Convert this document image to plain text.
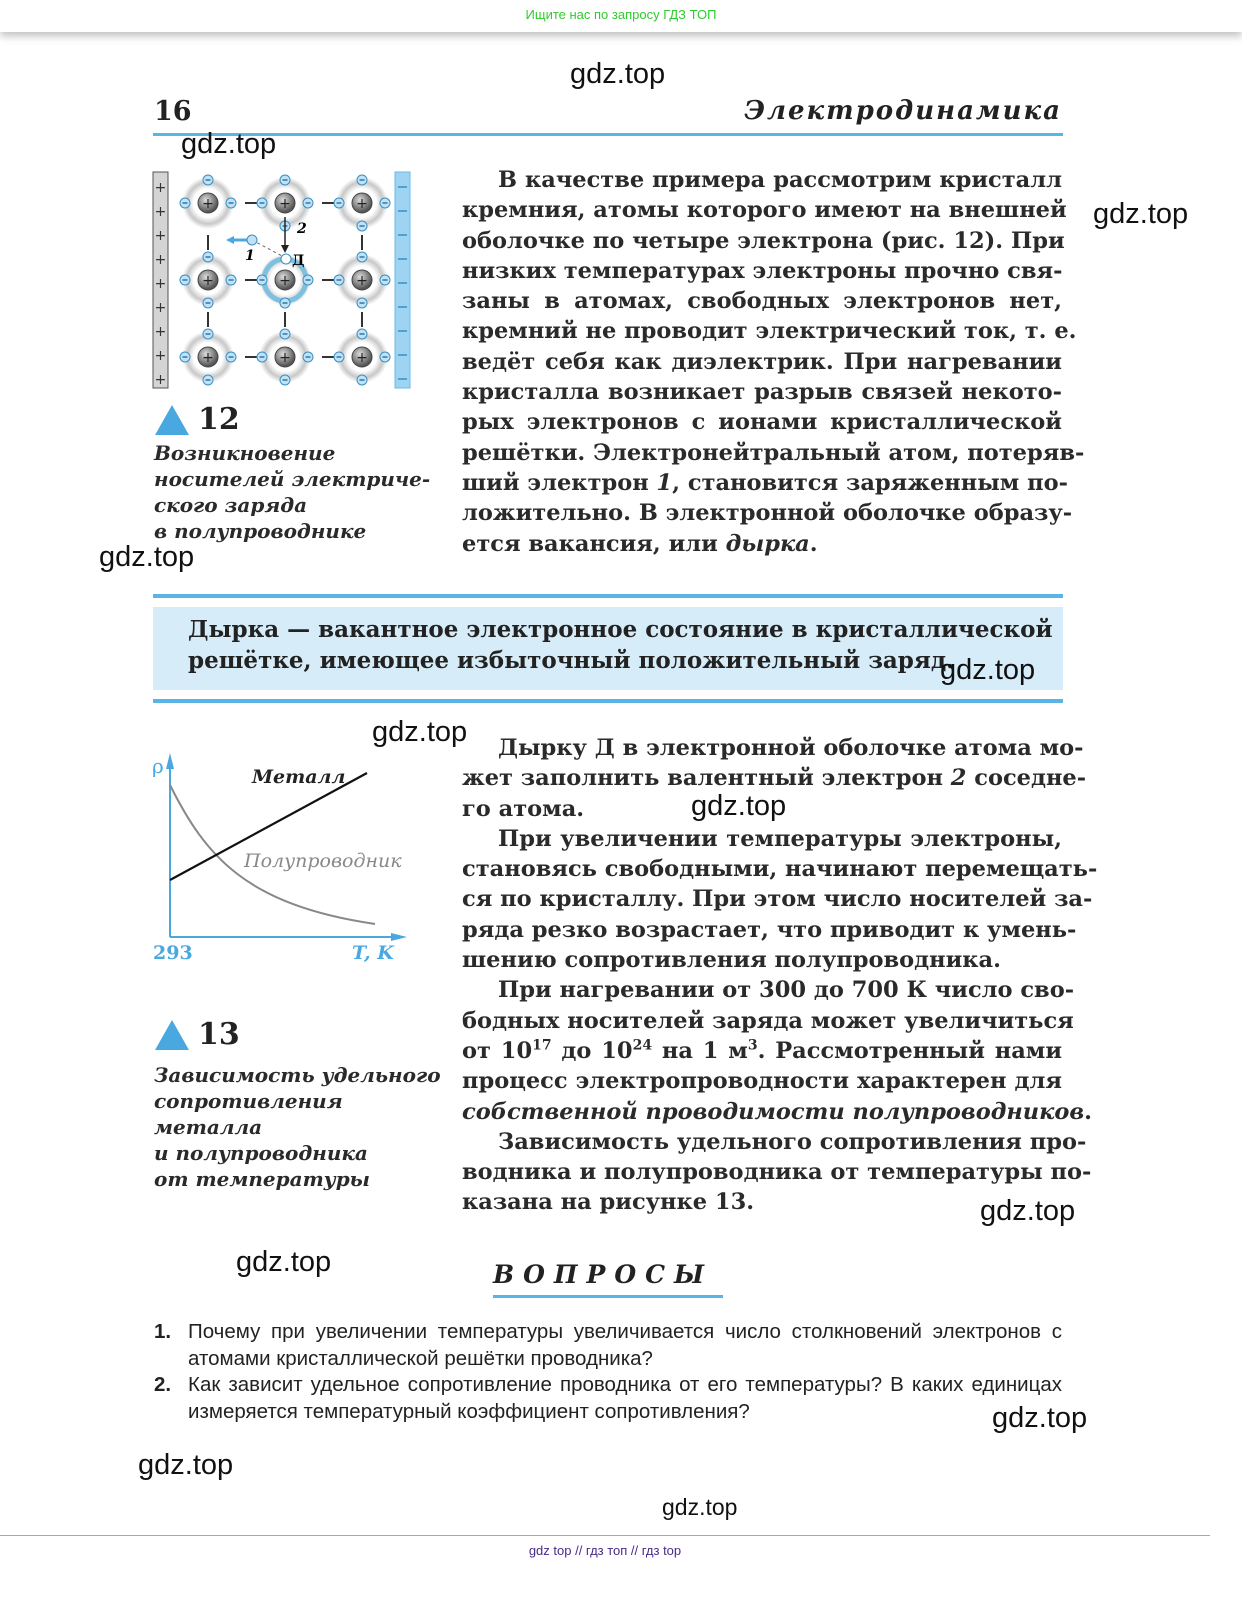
Ищите нас по запросу ГДЗ ТОП
gdz.top
gdz.top
gdz.top
gdz.top
gdz.top
gdz.top
gdz.top
gdz.top
gdz.top
gdz.top
gdz.top
gdz.top
16	Электродинамика
+
+
+
+
+
+
+
+
+
2
1	Д
+
+
+
+
+
+
+
+
+
12
Возникновение
носителей электриче-
ского заряда
в полупроводнике
В качестве примера рассмотрим кристалл
кремния, атомы которого имеют на внешней
оболочке по четыре электрона (рис. 12). При
низких температурах электроны прочно свя-
заны в атомах, свободных электронов нет,
кремний не проводит электрический ток, т. е.
ведёт себя как диэлектрик. При нагревании
кристалла возникает разрыв связей некото-
рых электронов с ионами кристаллической
решётки. Электронейтральный атом, потеряв-
ший электрон 1, становится заряженным по-
ложительно. В электронной оболочке образу-
ется вакансия, или дырка.
Дырка — вакантное электронное состояние в кристаллической
решётке, имеющее избыточный положительный заряд.
ρ
293	T, K
Металл
Полупроводник
13
Зависимость удельного
сопротивления
металла
и полупроводника
от температуры
Дырку Д в электронной оболочке атома мо-
жет заполнить валентный электрон 2 соседне-
го атома.
При увеличении температуры электроны,
становясь свободными, начинают перемещать-
ся по кристаллу. При этом число носителей за-
ряда резко возрастает, что приводит к умень-
шению сопротивления полупроводника.
При нагревании от 300 до 700 К число сво-
бодных носителей заряда может увеличиться
от $10^{17}$ до $10^{24}$ на 1 $м^3$. Рассмотренный нами
процесс электропроводности характерен для
собственной проводимости полупроводников.
Зависимость удельного сопротивления про-
водника и полупроводника от температуры по-
казана на рисунке 13.
ВОПРОСЫ
1. Почему при увеличении температуры увеличивается число столкновений электронов с атомами кристаллической решётки проводника?
2. Как зависит удельное сопротивление проводника от его температуры? В каких единицах измеряется температурный коэффициент сопротивления?
gdz top // гдз топ // гдз top
